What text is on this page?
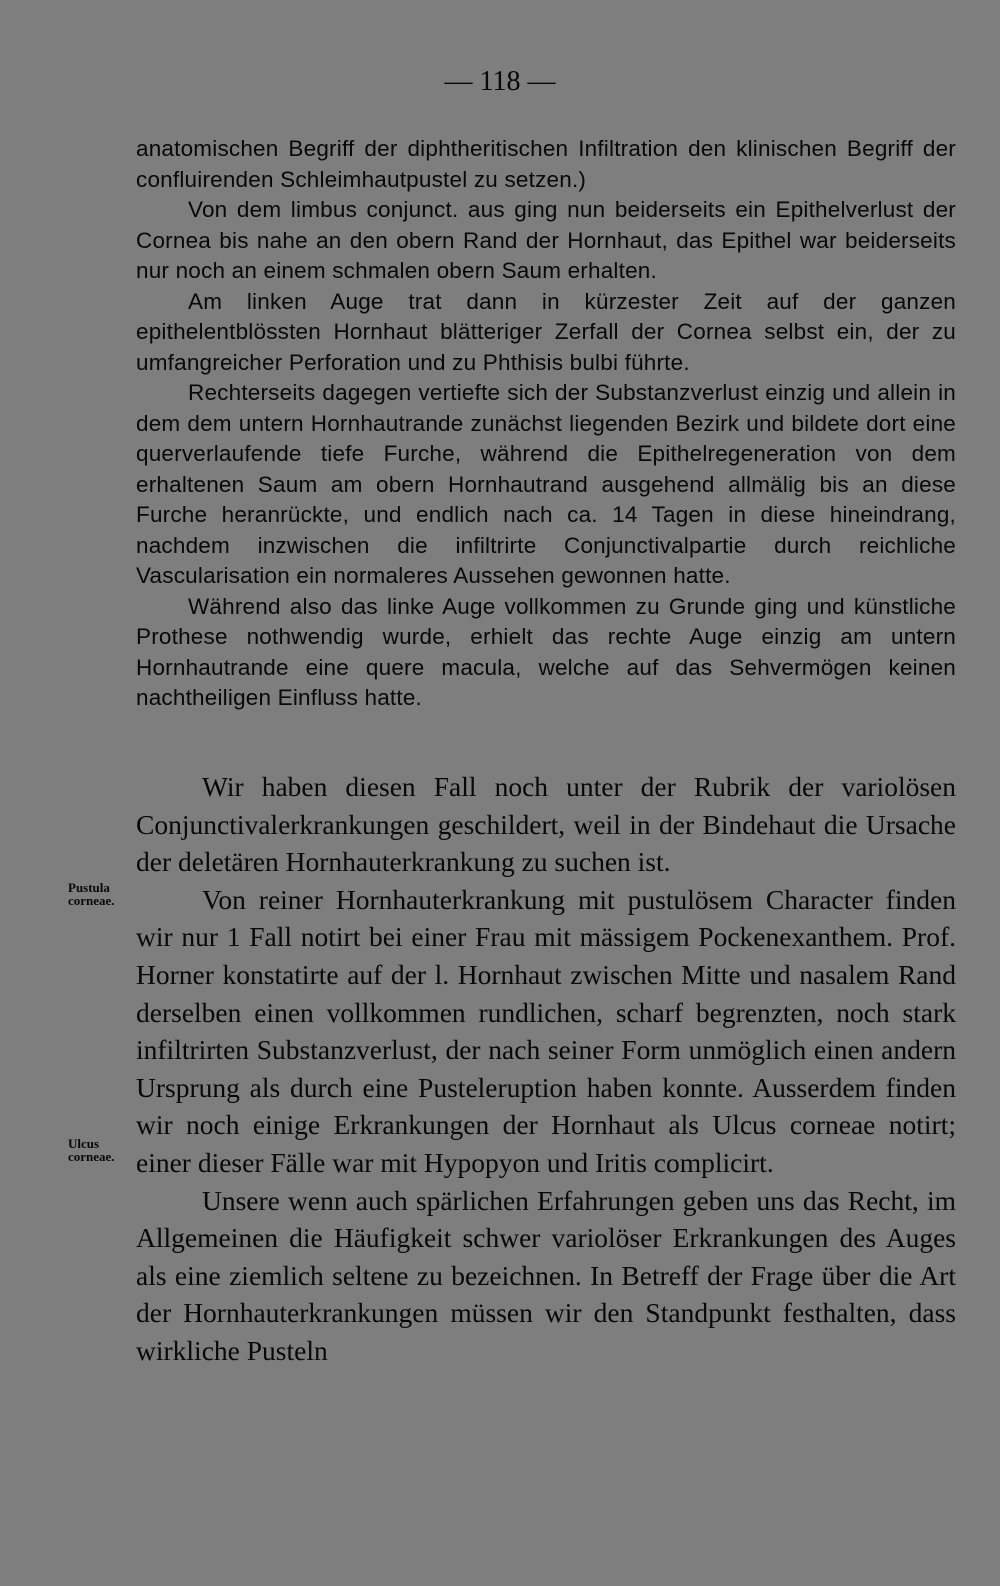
— 118 —

anatomischen Begriff der diphtheritischen Infiltration den klinischen Begriff der confluirenden Schleimhautpustel zu setzen.)

Von dem limbus conjunct. aus ging nun beiderseits ein Epithelverlust der Cornea bis nahe an den obern Rand der Hornhaut, das Epithel war beiderseits nur noch an einem schmalen obern Saum erhalten.

Am linken Auge trat dann in kürzester Zeit auf der ganzen epithelentblössten Hornhaut blätteriger Zerfall der Cornea selbst ein, der zu umfangreicher Perforation und zu Phthisis bulbi führte.

Rechterseits dagegen vertiefte sich der Substanzverlust einzig und allein in dem dem untern Hornhautrande zunächst liegenden Bezirk und bildete dort eine querverlaufende tiefe Furche, während die Epithelregeneration von dem erhaltenen Saum am obern Hornhautrand ausgehend allmälig bis an diese Furche heranrückte, und endlich nach ca. 14 Tagen in diese hineindrang, nachdem inzwischen die infiltrirte Conjunctivalpartie durch reichliche Vascularisation ein normaleres Aussehen gewonnen hatte.

Während also das linke Auge vollkommen zu Grunde ging und künstliche Prothese nothwendig wurde, erhielt das rechte Auge einzig am untern Hornhautrande eine quere macula, welche auf das Sehvermögen keinen nachtheiligen Einfluss hatte.

Wir haben diesen Fall noch unter der Rubrik der variolösen Conjunctivalerkrankungen geschildert, weil in der Bindehaut die Ursache der deletären Hornhauterkrankung zu suchen ist.

Von reiner Hornhauterkrankung mit pustulösem Character finden wir nur 1 Fall notirt bei einer Frau mit mässigem Pockenexanthem. Prof. Horner konstatirte auf der l. Hornhaut zwischen Mitte und nasalem Rand derselben einen vollkommen rundlichen, scharf begrenzten, noch stark infiltrirten Substanzverlust, der nach seiner Form unmöglich einen andern Ursprung als durch eine Pusteleruption haben konnte. Ausserdem finden wir noch einige Erkrankungen der Hornhaut als Ulcus corneae notirt; einer dieser Fälle war mit Hypopyon und Iritis complicirt.

Unsere wenn auch spärlichen Erfahrungen geben uns das Recht, im Allgemeinen die Häufigkeit schwer variolöser Erkrankungen des Auges als eine ziemlich seltene zu bezeichnen. In Betreff der Frage über die Art der Hornhauterkrankungen müssen wir den Standpunkt festhalten, dass wirkliche Pusteln

Pustula
corneae.
Ulcus
corneae.
